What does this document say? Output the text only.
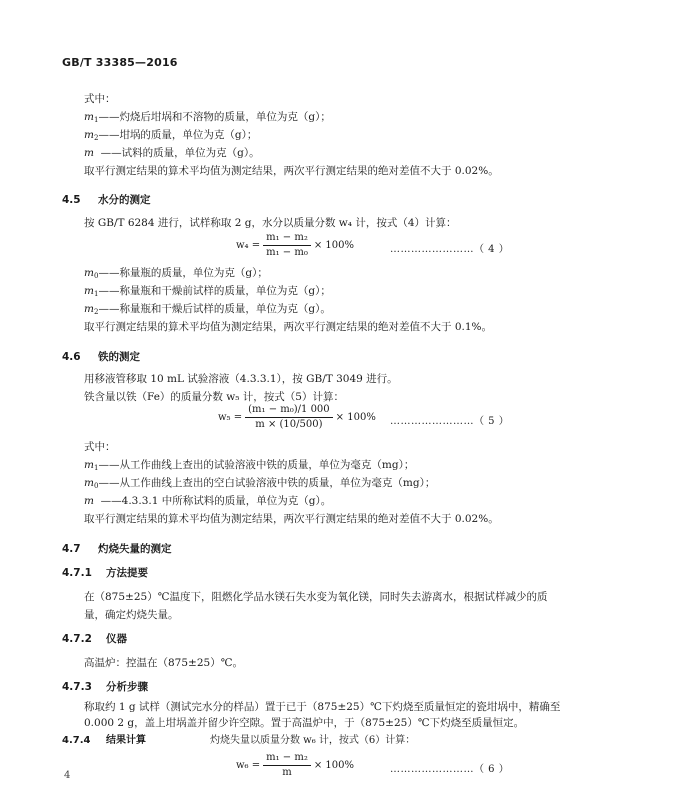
GB/T 33385—2016
式中：
$m_1——$灼烧后坩埚和不溶物的质量，单位为克（g）；
$m_2——$坩埚的质量，单位为克（g）；
m ——试料的质量，单位为克（g）。
取平行测定结果的算术平均值为测定结果，两次平行测定结果的绝对差值不大于 0.02%。
4.5 水分的测定
按 GB/T 6284 进行，试样称取 2 g，水分以质量分数 w₄ 计，按式（4）计算：
$w_4 = \frac{\text{m₁ − m₂}}{\text{m₁ − m₀}} \times 100\%$	……………………（ 4 ）
$m_0——$称量瓶的质量，单位为克（g）；
$m_1——$称量瓶和干燥前试样的质量，单位为克（g）；
$m_2——$称量瓶和干燥后试样的质量，单位为克（g）。
取平行测定结果的算术平均值为测定结果，两次平行测定结果的绝对差值不大于 0.1%。
4.6 铁的测定
用移液管移取 10 mL 试验溶液（4.3.3.1），按 GB/T 3049 进行。
铁含量以铁（Fe）的质量分数 w₅ 计，按式（5）计算：
$w_5 = \frac{\text{(m₁ − m₀)/1 000}}{m \times (10/500)} \times 100\%$ ……………………（ 5 ）
式中：
$m_1——$从工作曲线上查出的试验溶液中铁的质量，单位为毫克（mg）；
$m_0——$从工作曲线上查出的空白试验溶液中铁的质量，单位为毫克（mg）；
m ——4.3.3.1 中所称试料的质量，单位为克（g）。
取平行测定结果的算术平均值为测定结果，两次平行测定结果的绝对差值不大于 0.02%。
4.7 灼烧失量的测定
4.7.1 方法提要
在（875±25）℃温度下，阻燃化学品水镁石失水变为氧化镁，同时失去游离水，根据试样减少的质
量，确定灼烧失量。
4.7.2 仪器
高温炉：控温在（875±25）℃。
4.7.3 分析步骤
称取约 1 g 试样（测试完水分的样品）置于已于（875±25）℃下灼烧至质量恒定的瓷坩埚中，精确至
0.000 2 g，盖上坩埚盖并留少许空隙。置于高温炉中，于（875±25）℃下灼烧至质量恒定。
4.7.4 结果计算	灼烧失量以质量分数 w₆ 计，按式（6）计算：
$w_6 = \frac{\text{m₁ − m₂}}{m} \times 100\%$	……………………（ 6 ）
4
